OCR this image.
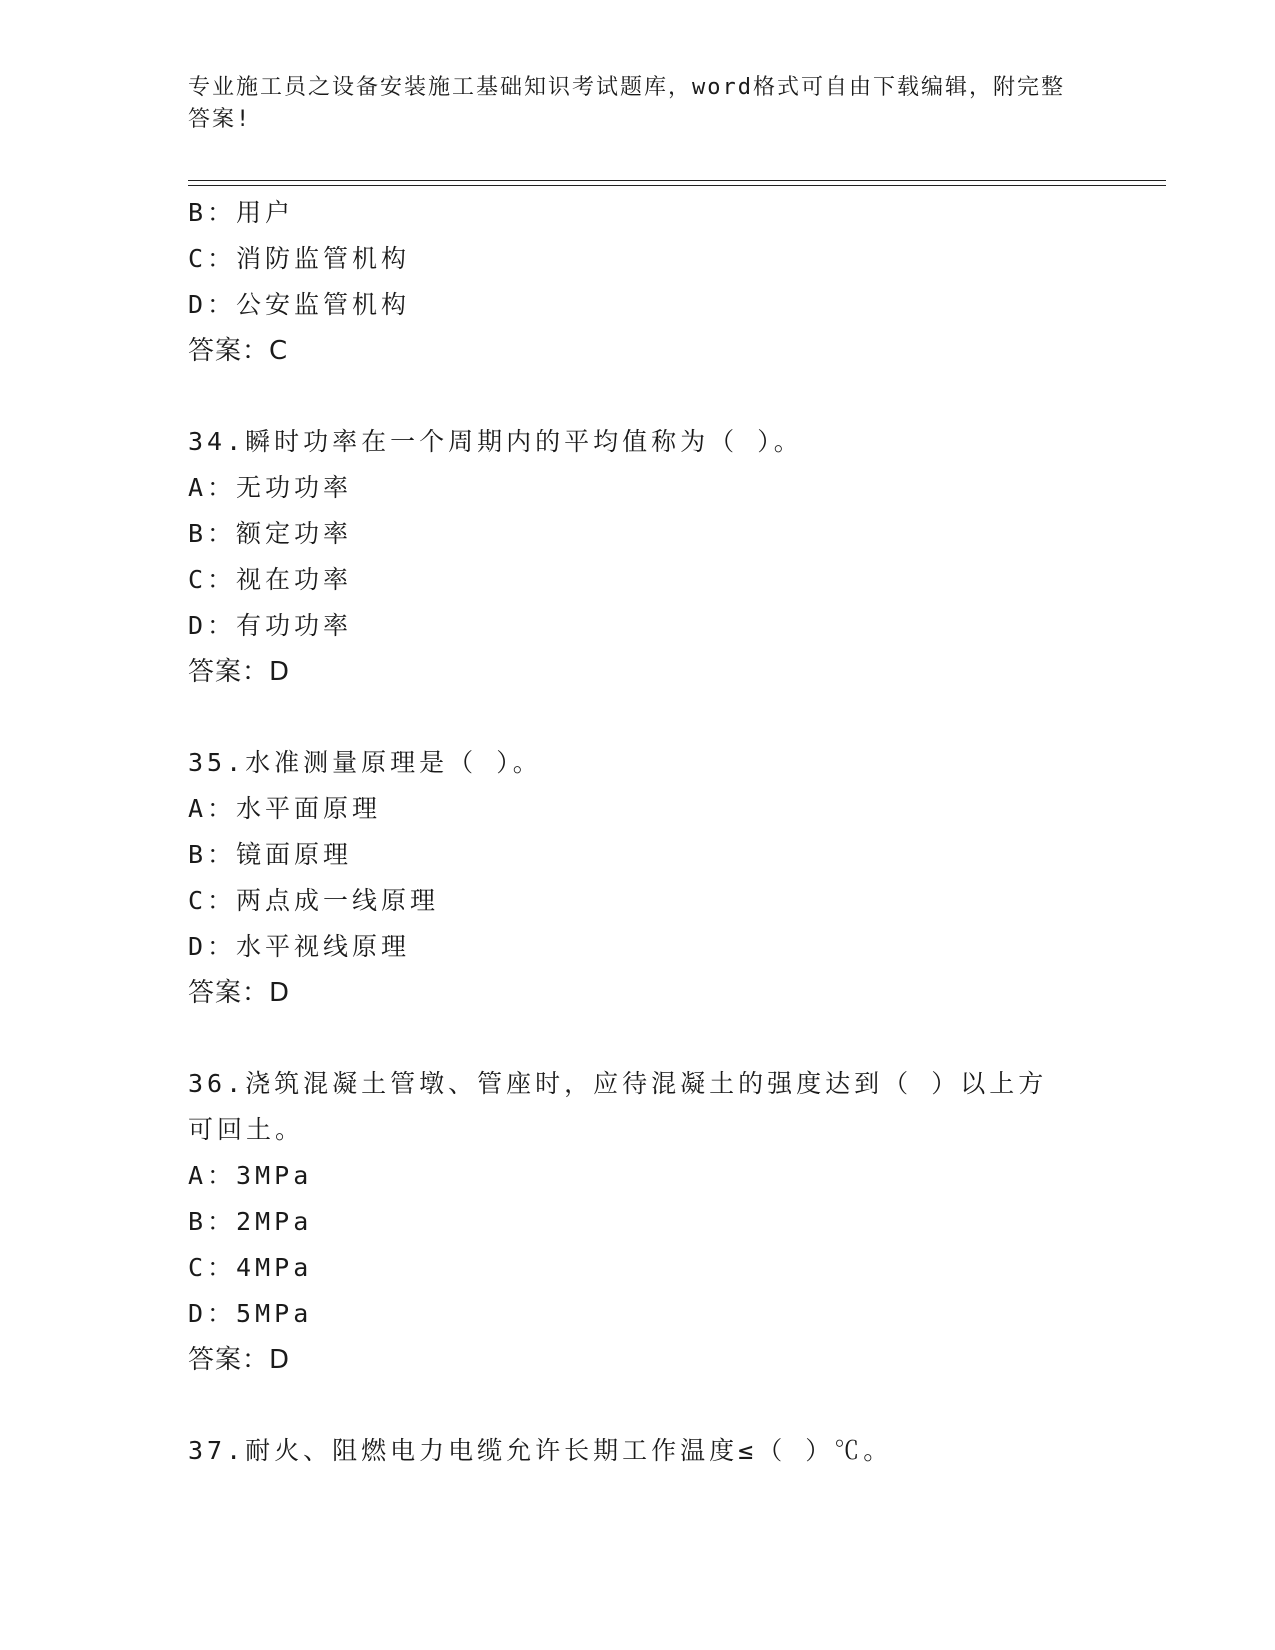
专业施工员之设备安装施工基础知识考试题库，word格式可自由下载编辑，附完整答案!
B：用户
C：消防监管机构
D：公安监管机构
答案：C
34.瞬时功率在一个周期内的平均值称为（ ）。
A：无功功率
B：额定功率
C：视在功率
D：有功功率
答案：D
35.水准测量原理是（ ）。
A：水平面原理
B：镜面原理
C：两点成一线原理
D：水平视线原理
答案：D
36.浇筑混凝土管墩、管座时，应待混凝土的强度达到（ ）以上方可回土。
A：3MPa
B：2MPa
C：4MPa
D：5MPa
答案：D
37.耐火、阻燃电力电缆允许长期工作温度≤（ ）℃。
